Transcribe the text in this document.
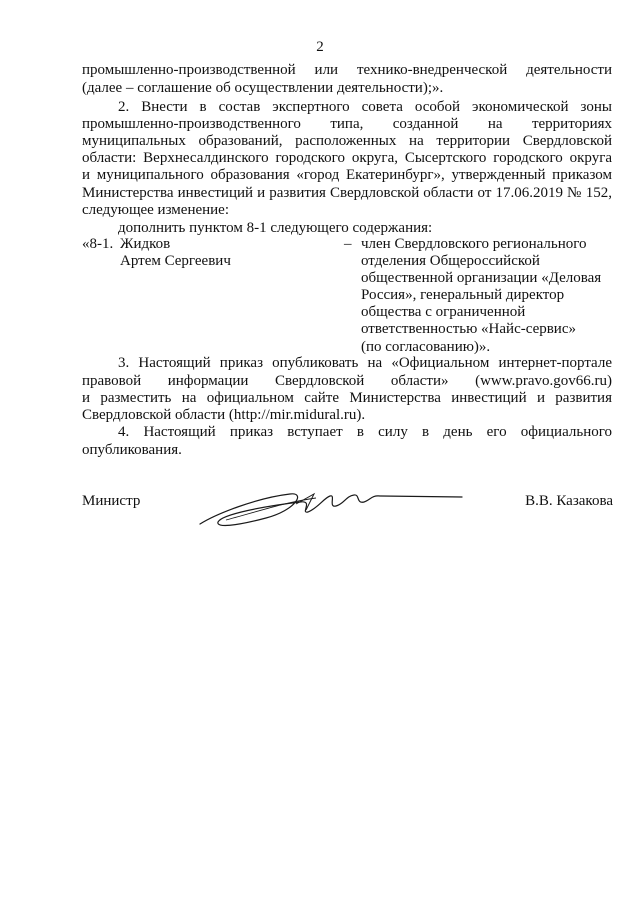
2
промышленно-производственной или технико-внедренческой деятельности
(далее – соглашение об осуществлении деятельности);».
2. Внести в состав экспертного совета особой экономической зоны
промышленно-производственного типа, созданной на территориях
муниципальных образований, расположенных на территории Свердловской
области: Верхнесалдинского городского округа, Сысертского городского округа
и муниципального образования «город Екатеринбург», утвержденный приказом
Министерства инвестиций и развития Свердловской области от 17.06.2019 № 152,
следующее изменение:
дополнить пунктом 8-1 следующего содержания:
«8-1. Жидков
Артем Сергеевич
– член Свердловского регионального
отделения Общероссийской
общественной организации «Деловая
Россия», генеральный директор
общества с ограниченной
ответственностью «Найс-сервис»
(по согласованию)».
3. Настоящий приказ опубликовать на «Официальном интернет-портале
правовой информации Свердловской области» (www.pravo.gov66.ru)
и разместить на официальном сайте Министерства инвестиций и развития
Свердловской области (http://mir.midural.ru).
4. Настоящий приказ вступает в силу в день его официального
опубликования.
Министр	В.В. Казакова
